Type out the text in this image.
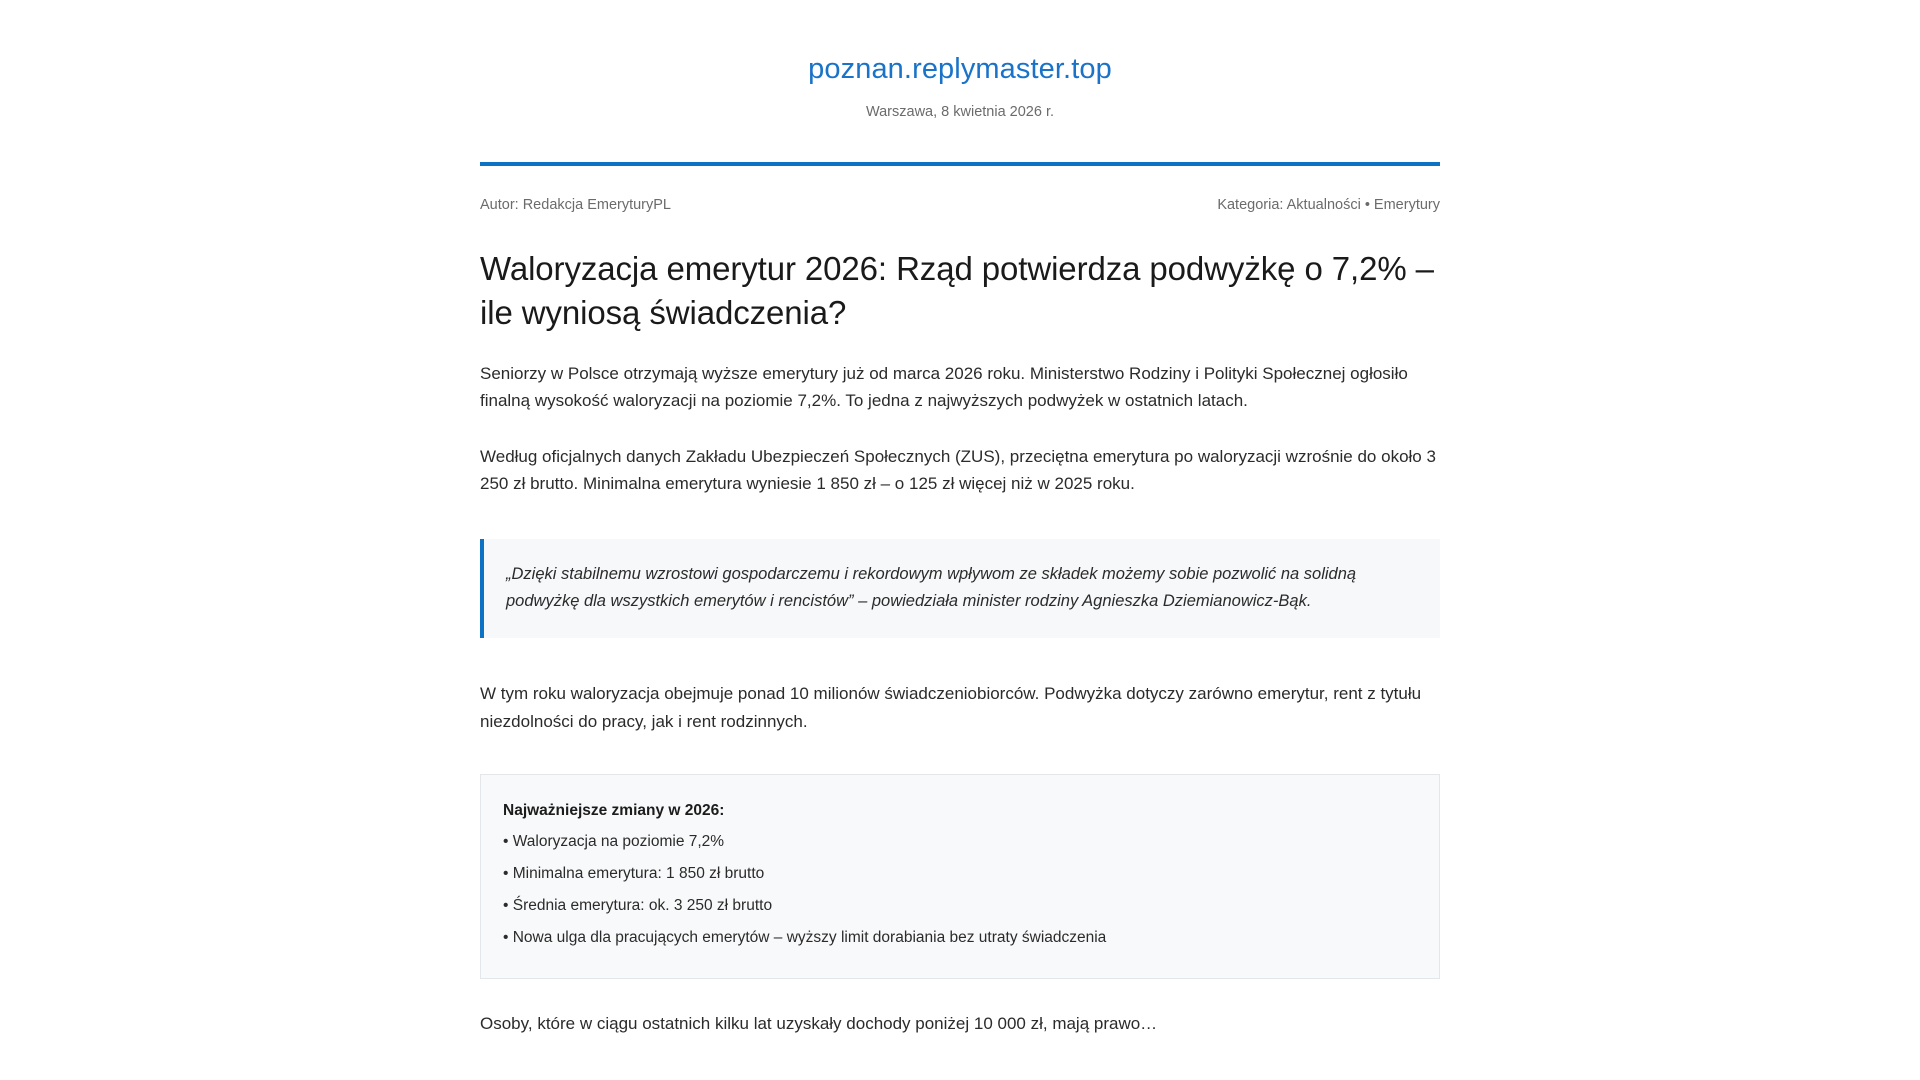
poznan.replymaster.top
Warszawa, 8 kwietnia 2026 r.
Autor: Redakcja EmeryturyPL	Kategoria: Aktualności • Emerytury
Waloryzacja emerytur 2026: Rząd potwierdza podwyżkę o 7,2% – ile wyniosą świadczenia?

Seniorzy w Polsce otrzymają wyższe emerytury już od marca 2026 roku. Ministerstwo Rodziny i Polityki Społecznej ogłosiło finalną wysokość waloryzacji na poziomie 7,2%. To jedna z najwyższych podwyżek w ostatnich latach.

Według oficjalnych danych Zakładu Ubezpieczeń Społecznych (ZUS), przeciętna emerytura po waloryzacji wzrośnie do około 3 250 zł brutto. Minimalna emerytura wyniesie 1 850 zł – o 125 zł więcej niż w 2025 roku.

„Dzięki stabilnemu wzrostowi gospodarczemu i rekordowym wpływom ze składek możemy sobie pozwolić na solidną podwyżkę dla wszystkich emerytów i rencistów” – powiedziała minister rodziny Agnieszka Dziemianowicz-Bąk.

W tym roku waloryzacja obejmuje ponad 10 milionów świadczeniobiorców. Podwyżka dotyczy zarówno emerytur, rent z tytułu niezdolności do pracy, jak i rent rodzinnych.

Najważniejsze zmiany w 2026:
• Waloryzacja na poziomie 7,2%
• Minimalna emerytura: 1 850 zł brutto
• Średnia emerytura: ok. 3 250 zł brutto
• Nowa ulga dla pracujących emerytów – wyższy limit dorabiania bez utraty świadczenia

Osoby, które w ciągu ostatnich kilku lat uzyskały dochody poniżej 10 000 zł, mają prawo…
